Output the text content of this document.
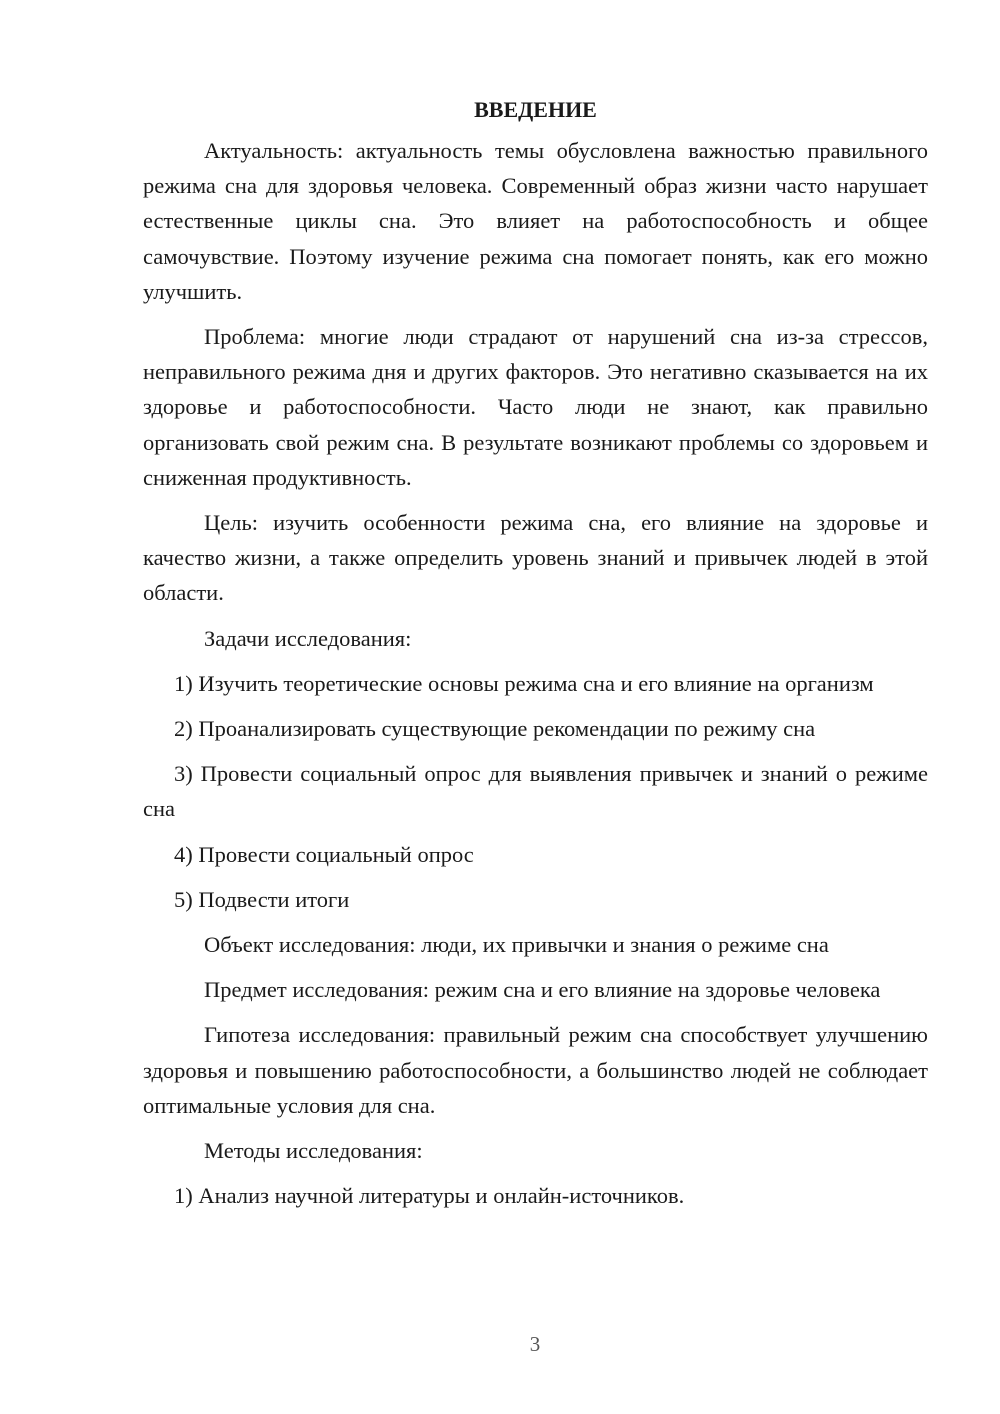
ВВЕДЕНИЕ

Актуальность: актуальность темы обусловлена важностью правильного режима сна для здоровья человека. Современный образ жизни часто нарушает естественные циклы сна. Это влияет на работоспособность и общее самочувствие. Поэтому изучение режима сна помогает понять, как его можно улучшить.

Проблема: многие люди страдают от нарушений сна из-за стрессов, неправильного режима дня и других факторов. Это негативно сказывается на их здоровье и работоспособности. Часто люди не знают, как правильно организовать свой режим сна. В результате возникают проблемы со здоровьем и сниженная продуктивность.

Цель: изучить особенности режима сна, его влияние на здоровье и качество жизни, а также определить уровень знаний и привычек людей в этой области.

Задачи исследования:

1) Изучить теоретические основы режима сна и его влияние на организм

2) Проанализировать существующие рекомендации по режиму сна

3) Провести социальный опрос для выявления привычек и знаний о режиме сна

4) Провести социальный опрос

5) Подвести итоги

Объект исследования: люди, их привычки и знания о режиме сна

Предмет исследования: режим сна и его влияние на здоровье человека

Гипотеза исследования: правильный режим сна способствует улучшению здоровья и повышению работоспособности, а большинство людей не соблюдает оптимальные условия для сна.

Методы исследования:

1) Анализ научной литературы и онлайн-источников.

3
